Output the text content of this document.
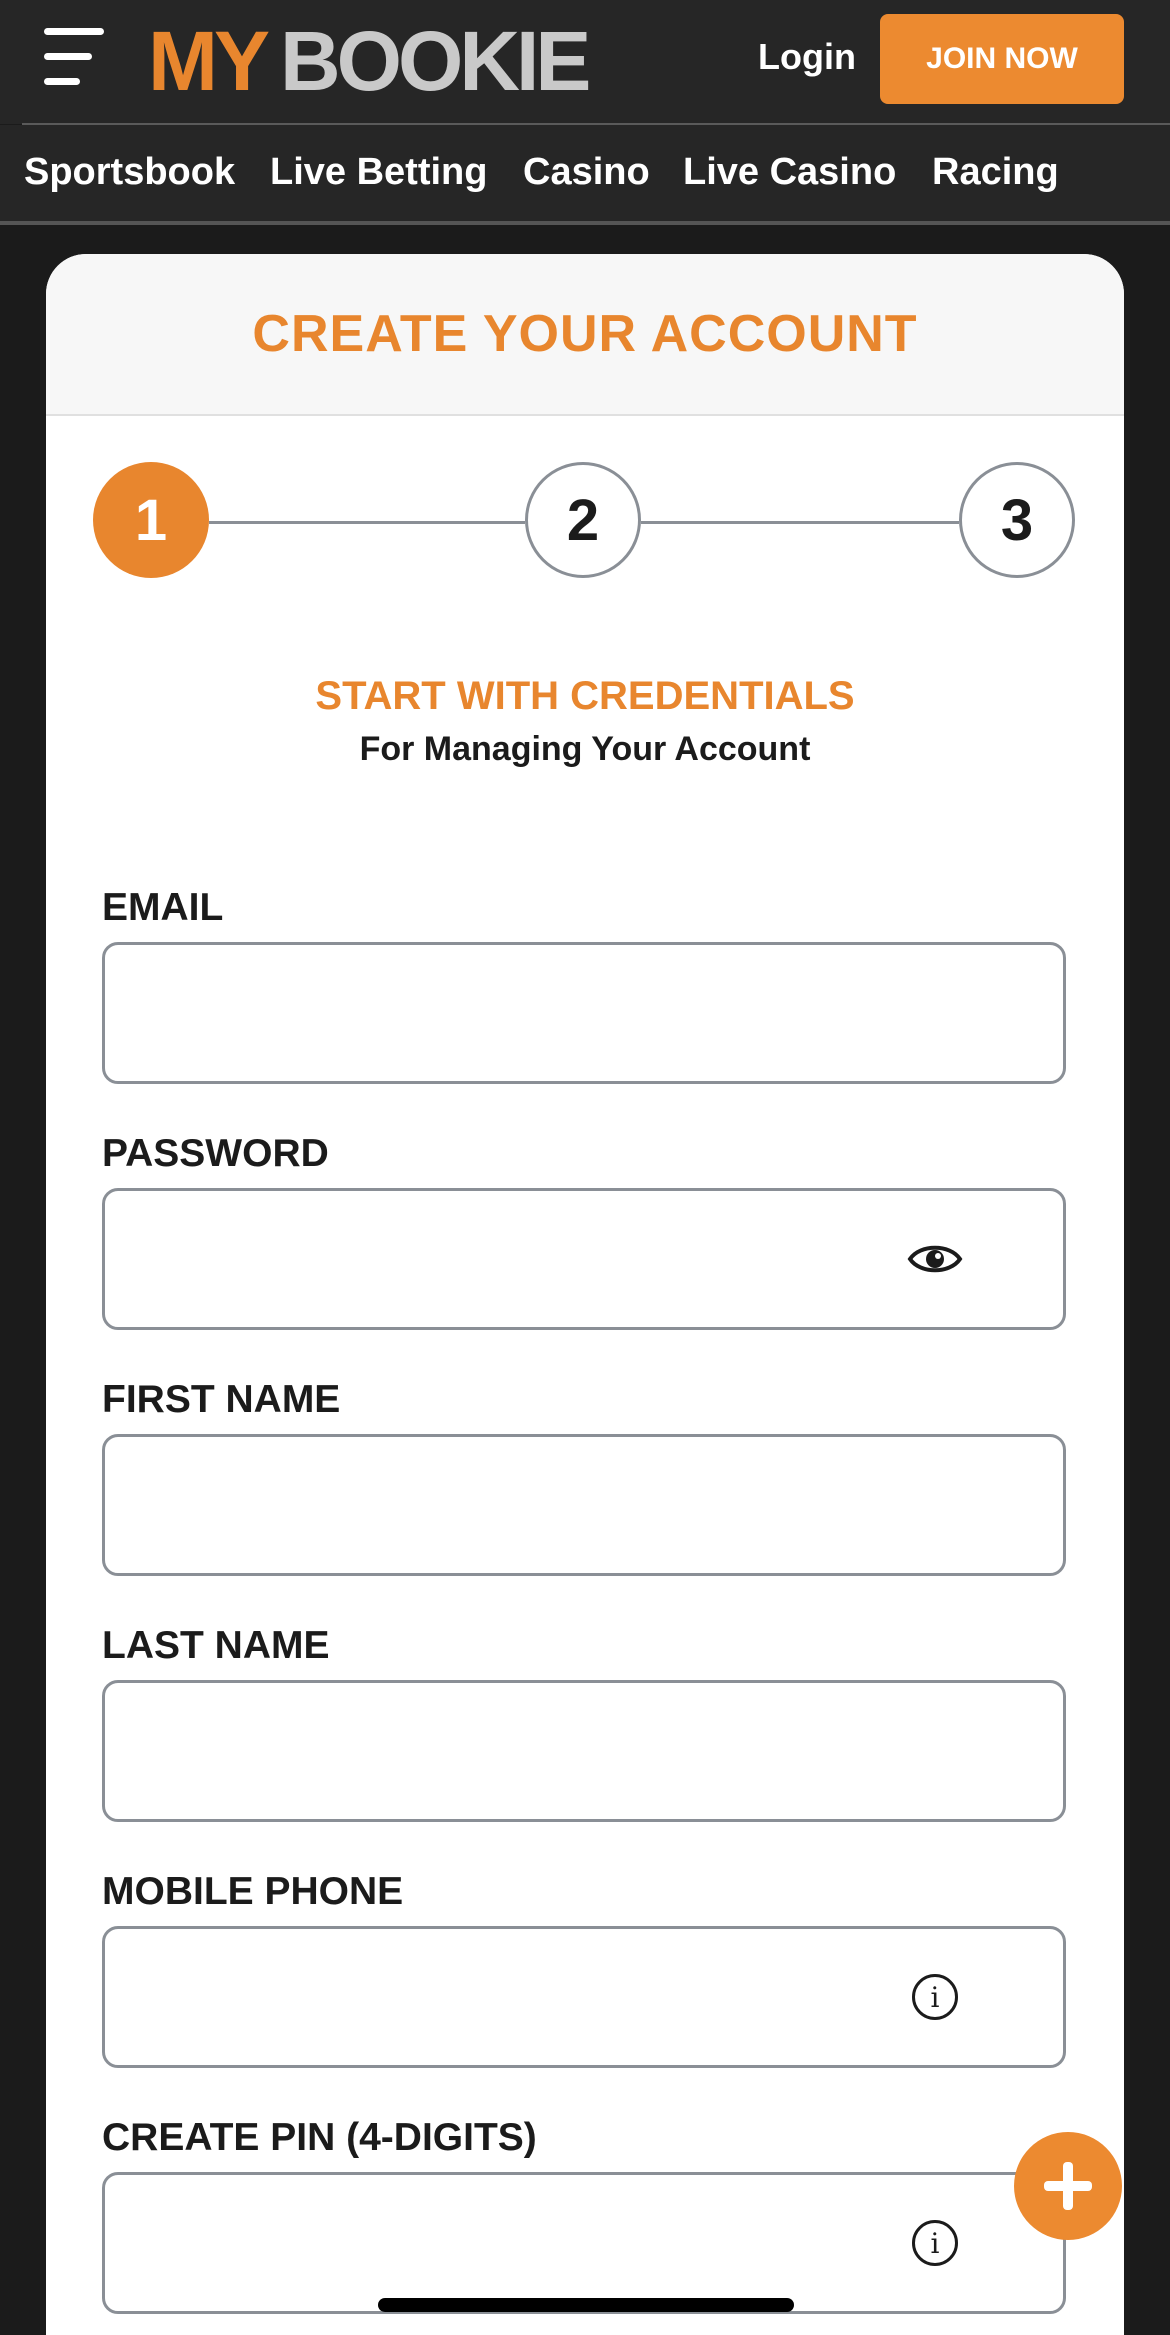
MY BOOKIE	Login	JOIN NOW
Sportsbook Live Betting Casino Live Casino Racing
CREATE YOUR ACCOUNT
1	2	3
START WITH CREDENTIALS
For Managing Your Account
EMAIL
PASSWORD
FIRST NAME
LAST NAME
MOBILE PHONE
i
CREATE PIN (4-DIGITS)
i
